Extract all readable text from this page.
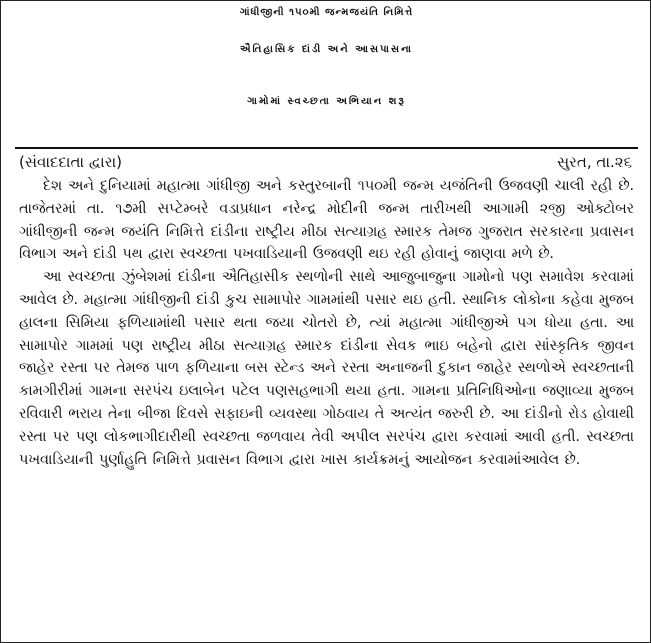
ગાંધીજીની ૧૫૦મી જન્મજયંતિ નિમિત્તે
ઐતિહાસિક દાંડી અને આસપાસના
ગામોમાં સ્વચ્છતા અભિયાન શરૂ
(સંવાદદાતા દ્વારા)	સુરત, તા.૨૬

દેશ અને દુનિયામાં મહાત્મા ગાંધીજી અને કસ્તુરબાની ૧૫૦મી જન્મ યજંતિની ઉજવણી ચાલી રહી છે. તાજેતરમાં તા. ૧૭મી સપ્ટેમ્બરે વડાપ્રધાન નરેન્દ્ર મોદીની જન્મ તારીખથી આગામી ૨જી ઓક્ટોબર ગાંધીજીની જન્મ જયંતિ નિમિત્તે દાંડીના રાષ્ટ્રીય મીઠા સત્યાગ્રહ સ્મારક તેમજ ગુજરાત સરકારના પ્રવાસન વિભાગ અને દાંડી પથ દ્વારા સ્વચ્છતા પખવાડિયાની ઉજવણી થઇ રહી હોવાનું જાણવા મળે છે.

આ સ્વચ્છતા ઝુંબેશમાં દાંડીના ઐતિહાસીક સ્થળોની સાથે આજુબાજુના ગામોનો પણ સમાવેશ કરવામાં આવેલ છે. મહાત્મા ગાંધીજીની દાંડી કુચ સામાપોર ગામમાંથી પસાર થઇ હતી. સ્થાનિક લોકોના કહેવા મુજબ હાલના સિમિયા ફળિયામાંથી પસાર થતા જયા ચોતરો છે, ત્યાં મહાત્મા ગાંધીજીએ પગ ધોયા હતા. આ સામાપોર ગામમાં પણ રાષ્ટ્રીય મીઠા સત્યાગ્રહ સ્મારક દાંડીના સેવક ભાઇ બહેનો દ્વારા સાંસ્કૃતિક જીવન જાહેર રસ્તા પર તેમજ પાળ ફળિયાના બસ સ્ટેન્ડ અને રસ્તા અનાજની દુકાન જાહેર સ્થળોએ સ્વચ્છતાની કામગીરીમાં ગામના સરપંચ ઇલાબેન પટેલ પણસહભાગી થયા હતા. ગામના પ્રતિનિધિઓના જણાવ્યા મુજબ રવિવારી ભરાય તેના બીજા દિવસે સફાઇની વ્યવસ્થા ગોઠવાય તે અત્યંત જરુરી છે. આ દાંડીનો રોડ હોવાથી રસ્તા પર પણ લોકભાગીદારીથી સ્વચ્છતા જળવાય તેવી અપીલ સરપંચ દ્વારા કરવામાં આવી હતી. સ્વચ્છતા પખવાડિયાની પુર્ણાહુતિ નિમિત્તે પ્રવાસન વિભાગ દ્વારા ખાસ કાર્યક્રમનું આયોજન કરવામાંઆવેલ છે.
